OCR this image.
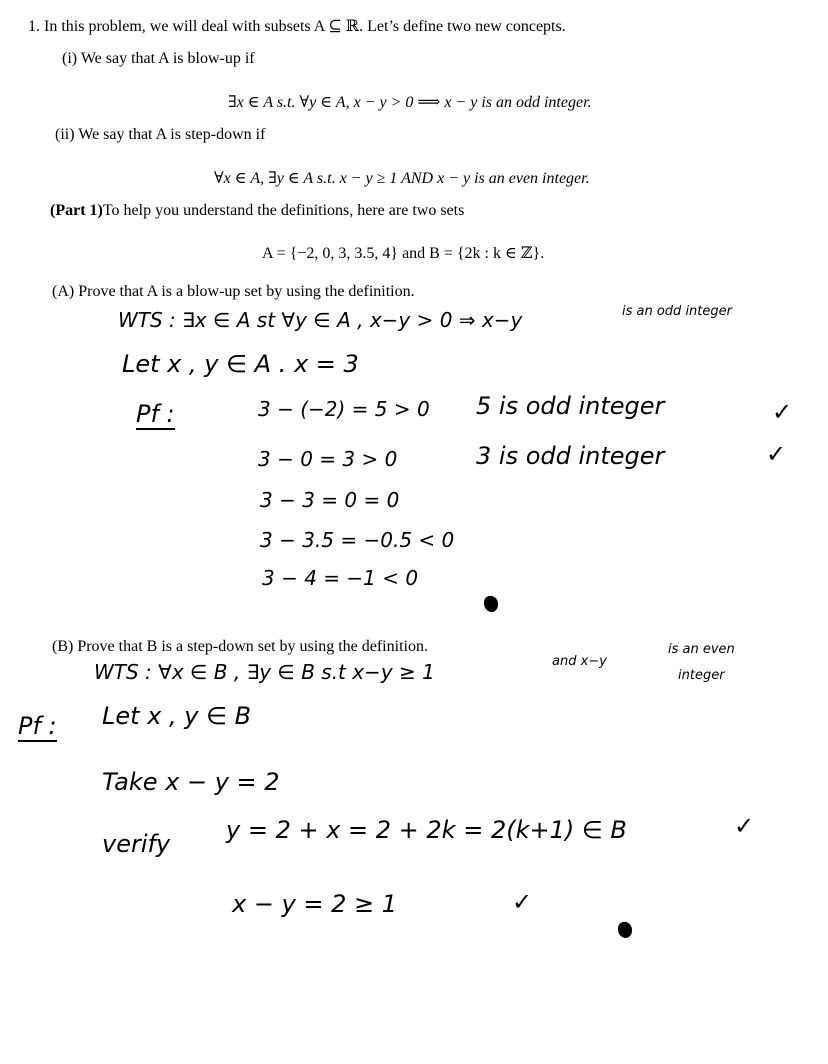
1. In this problem, we will deal with subsets A ⊆ ℝ. Let’s define two new concepts.
(i) We say that A is blow-up if
∃x ∈ A s.t. ∀y ∈ A, x − y > 0 ⟹ x − y is an odd integer.
(ii) We say that A is step-down if
∀x ∈ A, ∃y ∈ A s.t. x − y ≥ 1 AND x − y is an even integer.
(Part 1)To help you understand the definitions, here are two sets
A = {−2, 0, 3, 3.5, 4} and B = {2k : k ∈ ℤ}.
(A) Prove that A is a blow-up set by using the definition.
WTS : ∃x ∈ A st ∀y ∈ A , x−y > 0 ⇒ x−y	is an odd integer
Let x , y ∈ A . x = 3
Pf :	3 − (−2) = 5 > 0 5 is odd integer	✓
3 − 0 = 3 > 0	3 is odd integer	✓
3 − 3 = 0 = 0
3 − 3.5 = −0.5 < 0
3 − 4 = −1 < 0
(B) Prove that B is a step-down set by using the definition.
WTS : ∀x ∈ B , ∃y ∈ B s.t x−y ≥ 1	and x−y
is an even
integer
Pf : Let x , y ∈ B
Take x − y = 2
verify y = 2 + x = 2 + 2k = 2(k+1) ∈ B	✓
x − y = 2 ≥ 1	✓
